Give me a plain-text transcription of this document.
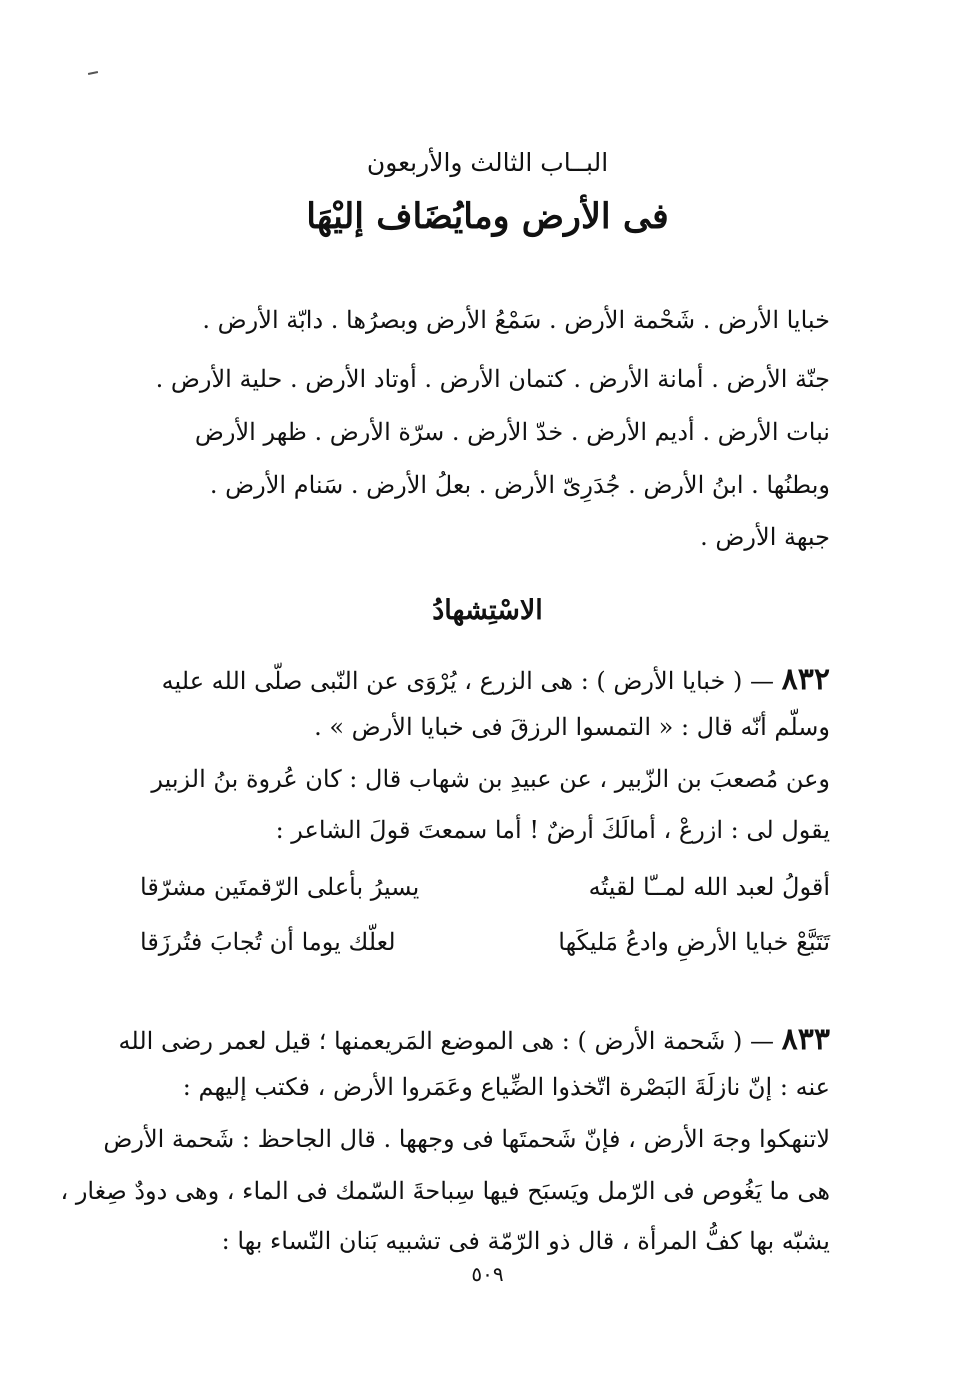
البــاب الثالث والأربعون
فى الأرض ومايُضَاف إليْهَا
خبايا الأرض . شَحْمة الأرض . سَمْعُ الأرض وبصرُها . دابّة الأرض .
جنّة الأرض . أمانة الأرض . كتمان الأرض . أوتاد الأرض . حلية الأرض .
نبات الأرض . أديم الأرض . خدّ الأرض . سرّة الأرض . ظهر الأرض
وبطنُها . ابنُ الأرض . جُدَرِىّ الأرض . بعلُ الأرض . سَنام الأرض .
جبهة الأرض .
الاسْتِشهادُ
٨٣٢ — ( خبايا الأرض ) : هى الزرع ، يُرْوَى عن النّبى صلّى الله عليه
وسلّم أنّه قال : « التمسوا الرزقَ فى خبايا الأرض » .
وعن مُصعبَ بن الزّبير ، عن عبيدِ بن شهاب قال : كان عُروة بنُ الزبير
يقول لى : ازرعْ ، أمالَكَ أرضٌ ! أما سمعتَ قولَ الشاعر :
أقولُ لعبد الله لمــّا لقيتُه
يسيرُ بأعلى الرّقمتَين مشرّقا
تَتَبَّعْ خبايا الأرضِ وادعُ مَليكَها
لعلّك يوما أن تُجابَ فتُرزَقا
٨٣٣ — ( شَحمة الأرض ) : هى الموضع المَريعمنها ؛ قيل لعمر رضى الله
عنه : إنّ نازلَةَ البَصْرة اتّخذوا الضِّياع وعَمَروا الأرض ، فكتب إليهم :
لاتنهكوا وجهَ الأرض ، فإنّ شَحمتَها فى وجهها . قال الجاحظ : شَحمة الأرض
هى ما يَغُوص فى الرّمل ويَسبَح فيها سِباحةَ السّمك فى الماء ، وهى دودٌ صِغار ،
يشبّه بها كفُّ المرأة ، قال ذو الرّمّة فى تشبيه بَنان النّساء بها :
٥٠٩
